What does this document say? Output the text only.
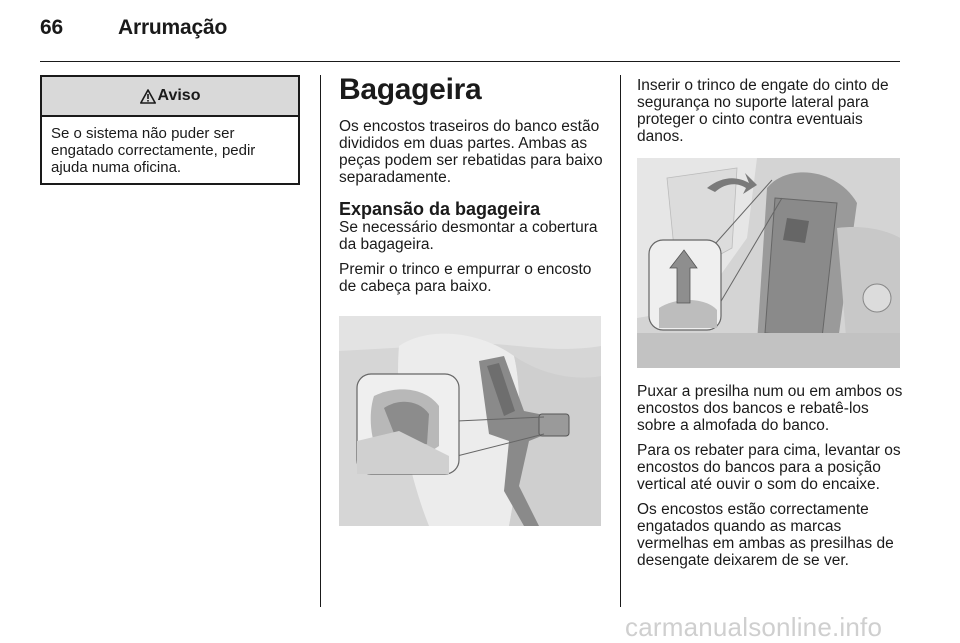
66	Arrumação
Aviso
Se o sistema não puder ser engatado correctamente, pedir ajuda numa oficina.
Bagageira

Os encostos traseiros do banco estão divididos em duas partes. Ambas as peças podem ser rebatidas para baixo separadamente.

Expansão da bagageira

Se necessário desmontar a cobertura da bagageira.

Premir o trinco e empurrar o encosto de cabeça para baixo.

Inserir o trinco de engate do cinto de segurança no suporte lateral para proteger o cinto contra eventuais danos.

Puxar a presilha num ou em ambos os encostos dos bancos e rebatê-los sobre a almofada do banco.

Para os rebater para cima, levantar os encostos do bancos para a posição vertical até ouvir o som do encaixe.

Os encostos estão correctamente engatados quando as marcas vermelhas em ambas as presilhas de desengate deixarem de se ver.

carmanualsonline.info
